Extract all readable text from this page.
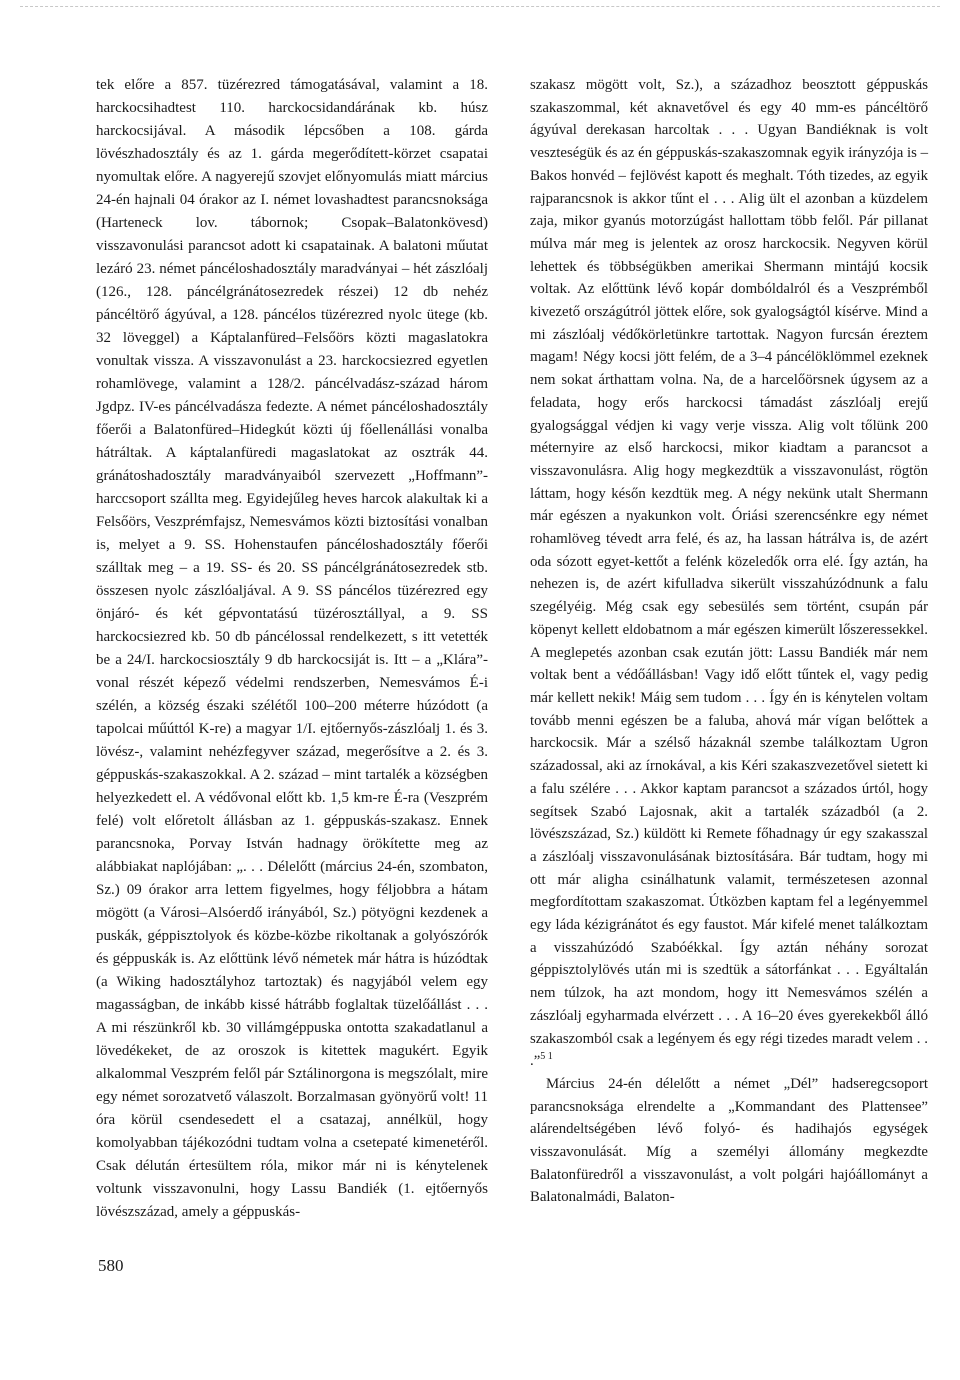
tek előre a 857. tüzérezred támogatásával, valamint a 18. harckocsihadtest 110. harckocsidandárának kb. húsz harckocsijával. A második lépcsőben a 108. gárda lövészhadosztály és az 1. gárda megerődített-körzet csapatai nyomultak előre. A nagyerejű szovjet előnyomulás miatt március 24-én hajnali 04 órakor az I. német lovashadtest parancsnoksága (Harteneck lov. tábornok; Csopak–Balatonkövesd) visszavonulási parancsot adott ki csapatainak. A balatoni műutat lezáró 23. német páncéloshadosztály maradványai – hét zászlóalj (126., 128. páncélgránátosezredek részei) 12 db nehéz páncéltörő ágyúval, a 128. páncélos tüzérezred nyolc ütege (kb. 32 löveggel) a Káptalanfüred–Felsőörs közti magaslatokra vonultak vissza. A visszavonulást a 23. harckocsiezred egyetlen rohamlövege, valamint a 128/2. páncélvadász-század három Jgdpz. IV-es páncélvadásza fedezte. A német páncéloshadosztály főerői a Balatonfüred–Hidegkút közti új főellenállási vonalba hátráltak. A káptalanfüredi magaslatokat az osztrák 44. gránátoshadosztály maradványaiból szervezett „Hoffmann”-harccsoport szállta meg. Egyidejűleg heves harcok alakultak ki a Felsőörs, Veszprémfajsz, Nemesvámos közti biztosítási vonalban is, melyet a 9. SS. Hohenstaufen páncéloshadosztály főerői szálltak meg – a 19. SS- és 20. SS páncélgránátosezredek stb. összesen nyolc zászlóaljával. A 9. SS páncélos tüzérezred egy önjáró- és két gépvontatású tüzérosztállyal, a 9. SS harckocsiezred kb. 50 db páncélossal rendelkezett, s itt vetették be a 24/I. harckocsiosztály 9 db harckocsiját is. Itt – a „Klára”-vonal részét képező védelmi rendszerben, Nemesvámos É-i szélén, a község északi szélétől 100–200 méterre húzódott (a tapolcai műúttól K-re) a magyar 1/I. ejtőernyős-zászlóalj 1. és 3. lövész-, valamint nehézfegyver század, megerősítve a 2. és 3. géppuskás-szakaszokkal. A 2. század – mint tartalék a községben helyezkedett el. A védővonal előtt kb. 1,5 km-re É-ra (Veszprém felé) volt előretolt állásban az 1. géppuskás-szakasz. Ennek parancsnoka, Porvay István hadnagy örökítette meg az alábbiakat naplójában: „. . . Délelőtt (március 24-én, szombaton, Sz.) 09 órakor arra lettem figyelmes, hogy féljobbra a hátam mögött (a Városi–Alsóerdő irányából, Sz.) pötyögni kezdenek a puskák, géppisztolyok és közbe-közbe rikoltanak a golyószórók és géppuskák is. Az előttünk lévő németek már hátra is húzódtak (a Wiking hadosztályhoz tartoztak) és nagyjából velem egy magasságban, de inkább kissé hátrább foglaltak tüzelőállást . . . A mi részünkről kb. 30 villámgéppuska ontotta szakadatlanul a lövedékeket, de az oroszok is kitettek magukért. Egyik alkalommal Veszprém felől pár Sztálinorgona is megszólalt, mire egy német sorozatvető válaszolt. Borzalmasan gyönyörű volt! 11 óra körül csendesedett el a csatazaj, annélkül, hogy komolyabban tájékozódni tudtam volna a csetepaté kimenetéről. Csak délután értesültem róla, mikor már ni is kénytelenek voltunk visszavonulni, hogy Lassu Bandiék (1. ejtőernyős lövészszázad, amely a géppuskás-

szakasz mögött volt, Sz.), a századhoz beosztott géppuskás szakaszommal, két aknavetővel és egy 40 mm-es páncéltörő ágyúval derekasan harcoltak . . . Ugyan Bandiéknak is volt veszteségük és az én géppuskás-szakaszomnak egyik irányzója is – Bakos honvéd – fejlövést kapott és meghalt. Tóth tizedes, az egyik rajparancsnok is akkor tűnt el . . . Alig ült el azonban a küzdelem zaja, mikor gyanús motorzúgást hallottam több felől. Pár pillanat múlva már meg is jelentek az orosz harckocsik. Negyven körül lehettek és többségükben amerikai Shermann mintájú kocsik voltak. Az előttünk lévő kopár dombóldalról és a Veszprémből kivezető országútról jöttek előre, sok gyalogságtól kísérve. Mind a mi zászlóalj védőkörletünkre tartottak. Nagyon furcsán éreztem magam! Négy kocsi jött felém, de a 3–4 páncélöklömmel ezeknek nem sokat árthattam volna. Na, de a harcelőörsnek úgysem az a feladata, hogy erős harckocsi támadást zászlóalj erejű gyalogsággal védjen ki vagy verje vissza. Alig volt tőlünk 200 méternyire az első harckocsi, mikor kiadtam a parancsot a visszavonulásra. Alig hogy megkezdtük a visszavonulást, rögtön láttam, hogy későn kezdtük meg. A négy nekünk utalt Shermann már egészen a nyakunkon volt. Óriási szerencsénkre egy német rohamlöveg tévedt arra felé, és az, ha lassan hátrálva is, de azért oda sózott egyet-kettőt a felénk közeledők orra elé. Így aztán, ha nehezen is, de azért kifulladva sikerült visszahúzódnunk a falu szegélyéig. Még csak egy sebesülés sem történt, csupán pár köpenyt kellett eldobatnom a már egészen kimerült lőszeressekkel. A meglepetés azonban csak ezután jött: Lassu Bandiék már nem voltak bent a védőállásban! Vagy idő előtt tűntek el, vagy pedig már kellett nekik! Máig sem tudom . . . Így én is kénytelen voltam tovább menni egészen be a faluba, ahová már vígan belőttek a harckocsik. Már a szélső házaknál szembe találkoztam Ugron századossal, aki az írnokával, a kis Kéri szakaszvezetővel sietett ki a falu szélére . . . Akkor kaptam parancsot a százados úrtól, hogy segítsek Szabó Lajosnak, akit a tartalék századból (a 2. lövészszázad, Sz.) küldött ki Remete főhadnagy úr egy szakasszal a zászlóalj visszavonulásának biztosítására. Bár tudtam, hogy mi ott már aligha csinálhatunk valamit, természetesen azonnal megfordítottam szakaszomat. Útközben kaptam fel a legényemmel egy láda kézigránátot és egy faustot. Már kifelé menet találkoztam a visszahúzódó Szabóékkal. Így aztán néhány sorozat géppisztolylövés után mi is szedtük a sátorfánkat . . . Egyáltalán nem túlzok, ha azt mondom, hogy itt Nemesvámos szélén a zászlóalj egyharmada elvérzett . . . A 16–20 éves gyerekekből álló szakaszomból csak a legényem és egy régi tizedes maradt velem . . .”$^{5 1}$

Március 24-én délelőtt a német „Dél” hadseregcsoport parancsnoksága elrendelte a „Kommandant des Plattensee” alárendeltségében lévő folyó- és hadihajós egységek visszavonulását. Míg a személyi állomány megkezdte Balatonfüredről a visszavonulást, a volt polgári hajóállományt a Balatonalmádi, Balaton-

580
